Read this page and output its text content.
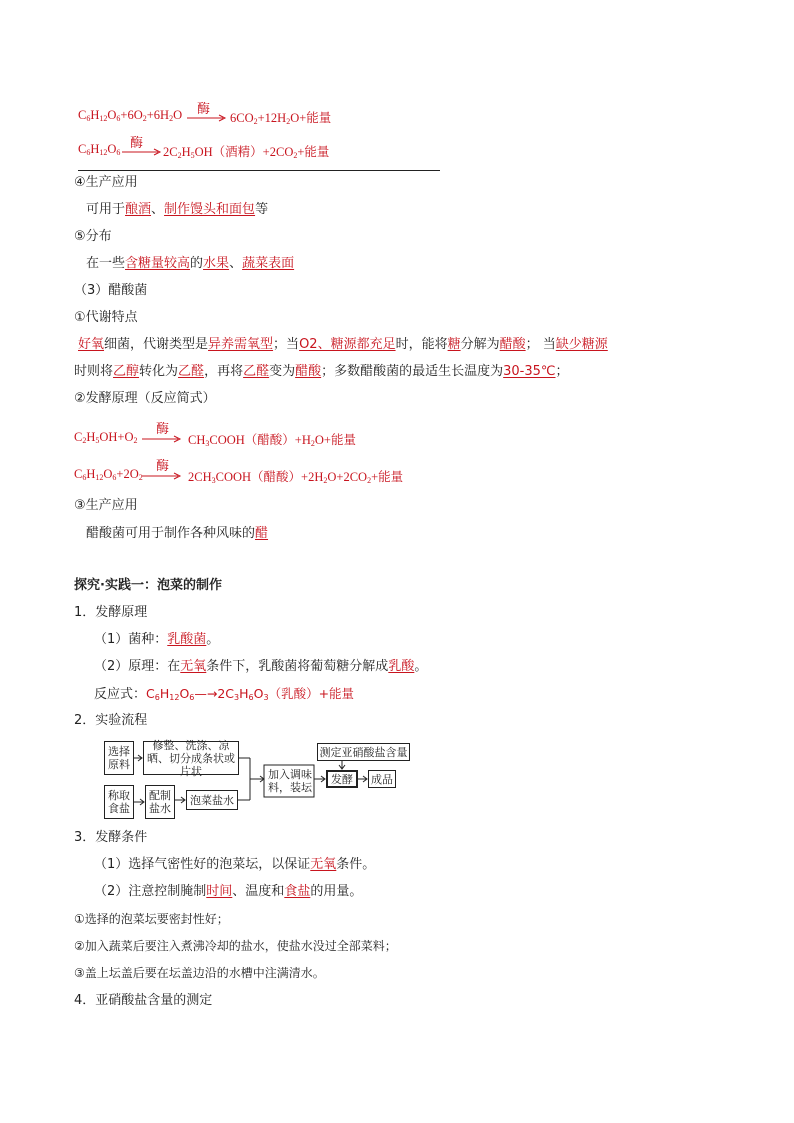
$C_6H_{12}O_6+6O_2+6H_2O$ 酶
$6CO_2+12H_2O+$能量
$C_6H_{12}O_6$
酶
$2C_2H_5OH$（酒精）$+2CO_2+$能量
④生产应用
可用于酿酒、制作馒头和面包等
⑤分布
在一些含糖量较高的水果、蔬菜表面
（3）醋酸菌
①代谢特点
好氧细菌，代谢类型是异养需氧型；当O2、糖源都充足时，能将糖分解为醋酸； 当缺少糖源
时则将乙醇转化为乙醛，再将乙醛变为醋酸；多数醋酸菌的最适生长温度为30-35℃；
②发酵原理（反应简式）
$C_2H_5OH+O_2$
酶
$CH_3COOH$（醋酸）$+H_2O+$能量
$C_6H_{12}O_6+2O_2$
酶
$2CH_3COOH$（醋酸）$+2H_2O+2CO_2+$能量
③生产应用
醋酸菌可用于制作各种风味的醋
探究·实践一：泡菜的制作
1．发酵原理
（1）菌种：乳酸菌。
（2）原理：在无氧条件下，乳酸菌将葡萄糖分解成乳酸。
反应式：$C_6H_{12}O_6—\to 2C_3H_6O_3$（乳酸）+能量
2．实验流程
选择原料
修整、洗涤、凉晒、切分成条状或片状
称取食盐
配制盐水
泡菜盐水
加入调味料，装坛
测定亚硝酸盐含量
发酵	成品
3．发酵条件
（1）选择气密性好的泡菜坛，以保证无氧条件。
（2）注意控制腌制时间、温度和食盐的用量。
①选择的泡菜坛要密封性好；
②加入蔬菜后要注入煮沸冷却的盐水，使盐水没过全部菜料；
③盖上坛盖后要在坛盖边沿的水槽中注满清水。
4．亚硝酸盐含量的测定
